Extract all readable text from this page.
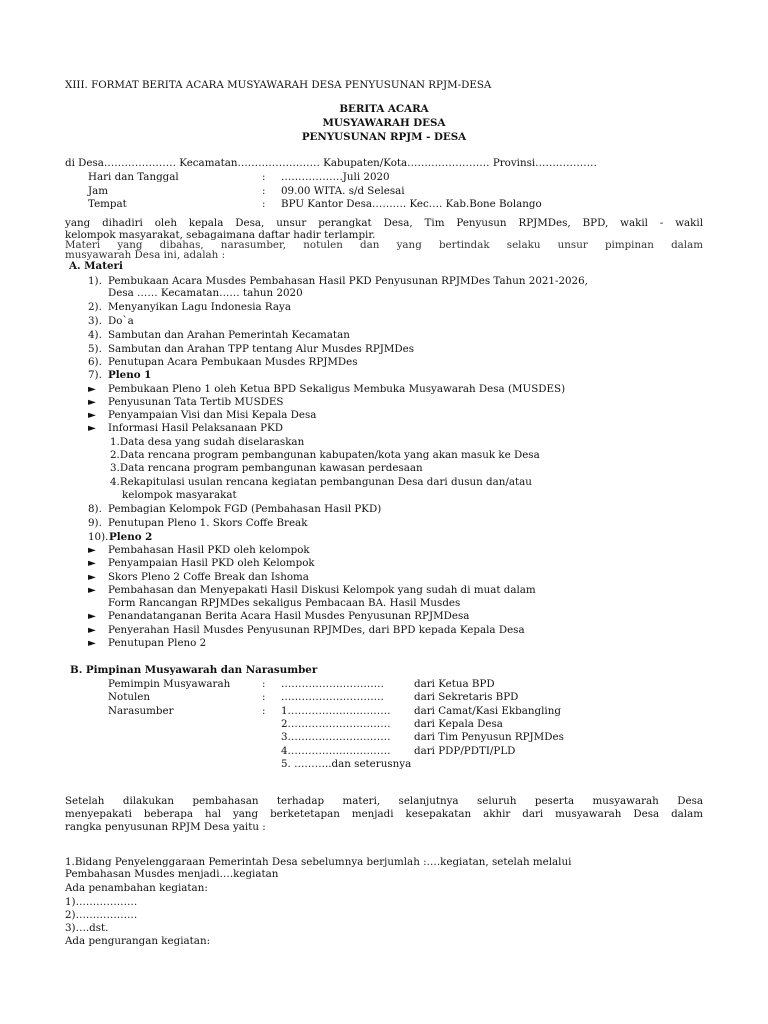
XIII. FORMAT BERITA ACARA MUSYAWARAH DESA PENYUSUNAN RPJM-DESA
BERITA ACARA
MUSYAWARAH DESA
PENYUSUNAN RPJM - DESA
di Desa………………… Kecamatan…………………… Kabupaten/Kota…………………… Provinsi………………
Hari dan Tanggal	: ………………Juli 2020
Jam	: 09.00 WITA. s/d Selesai
Tempat	: BPU Kantor Desa………. Kec…. Kab.Bone Bolango
yang dihadiri oleh kepala Desa, unsur perangkat Desa, Tim Penyusun RPJMDes, BPD, wakil - wakil
kelompok masyarakat, sebagaimana daftar hadir terlampir.
Materi yang dibahas, narasumber, notulen dan yang bertindak selaku unsur pimpinan dalam
musyawarah Desa ini, adalah :
A. Materi
1). Pembukaan Acara Musdes Pembahasan Hasil PKD Penyusunan RPJMDes Tahun 2021-2026,
Desa …… Kecamatan…… tahun 2020
2). Menyanyikan Lagu Indonesia Raya
3). Do`a
4). Sambutan dan Arahan Pemerintah Kecamatan
5). Sambutan dan Arahan TPP tentang Alur Musdes RPJMDes
6). Penutupan Acara Pembukaan Musdes RPJMDes
7). Pleno 1
► Pembukaan Pleno 1 oleh Ketua BPD Sekaligus Membuka Musyawarah Desa (MUSDES)
► Penyusunan Tata Tertib MUSDES
► Penyampaian Visi dan Misi Kepala Desa
► Informasi Hasil Pelaksanaan PKD
1.Data desa yang sudah diselaraskan
2.Data rencana program pembangunan kabupaten/kota yang akan masuk ke Desa
3.Data rencana program pembangunan kawasan perdesaan
4.Rekapitulasi usulan rencana kegiatan pembangunan Desa dari dusun dan/atau
kelompok masyarakat
8). Pembagian Kelompok FGD (Pembahasan Hasil PKD)
9). Penutupan Pleno 1. Skors Coffe Break
10). Pleno 2
► Pembahasan Hasil PKD oleh kelompok
► Penyampaian Hasil PKD oleh Kelompok
► Skors Pleno 2 Coffe Break dan Ishoma
► Pembahasan dan Menyepakati Hasil Diskusi Kelompok yang sudah di muat dalam
Form Rancangan RPJMDes sekaligus Pembacaan BA. Hasil Musdes
► Penandatanganan Berita Acara Hasil Musdes Penyusunan RPJMDesa
► Penyerahan Hasil Musdes Penyusunan RPJMDes, dari BPD kepada Kepala Desa
► Penutupan Pleno 2
B. Pimpinan Musyawarah dan Narasumber
Pemimpin Musyawarah	: …………………………	dari Ketua BPD
Notulen	: …………………………	dari Sekretaris BPD
Narasumber	: 1………………………… dari Camat/Kasi Ekbangling
2………………………… dari Kepala Desa
3………………………… dari Tim Penyusun RPJMDes
4………………………… dari PDP/PDTI/PLD
5. ………..dan seterusnya
Setelah dilakukan pembahasan terhadap materi, selanjutnya seluruh peserta musyawarah Desa
menyepakati beberapa hal yang berketetapan menjadi kesepakatan akhir dari musyawarah Desa dalam
rangka penyusunan RPJM Desa yaitu :
1.Bidang Penyelenggaraan Pemerintah Desa sebelumnya berjumlah :….kegiatan, setelah melalui
Pembahasan Musdes menjadi….kegiatan
Ada penambahan kegiatan:
1)………………
2)………………
3)….dst.
Ada pengurangan kegiatan:
